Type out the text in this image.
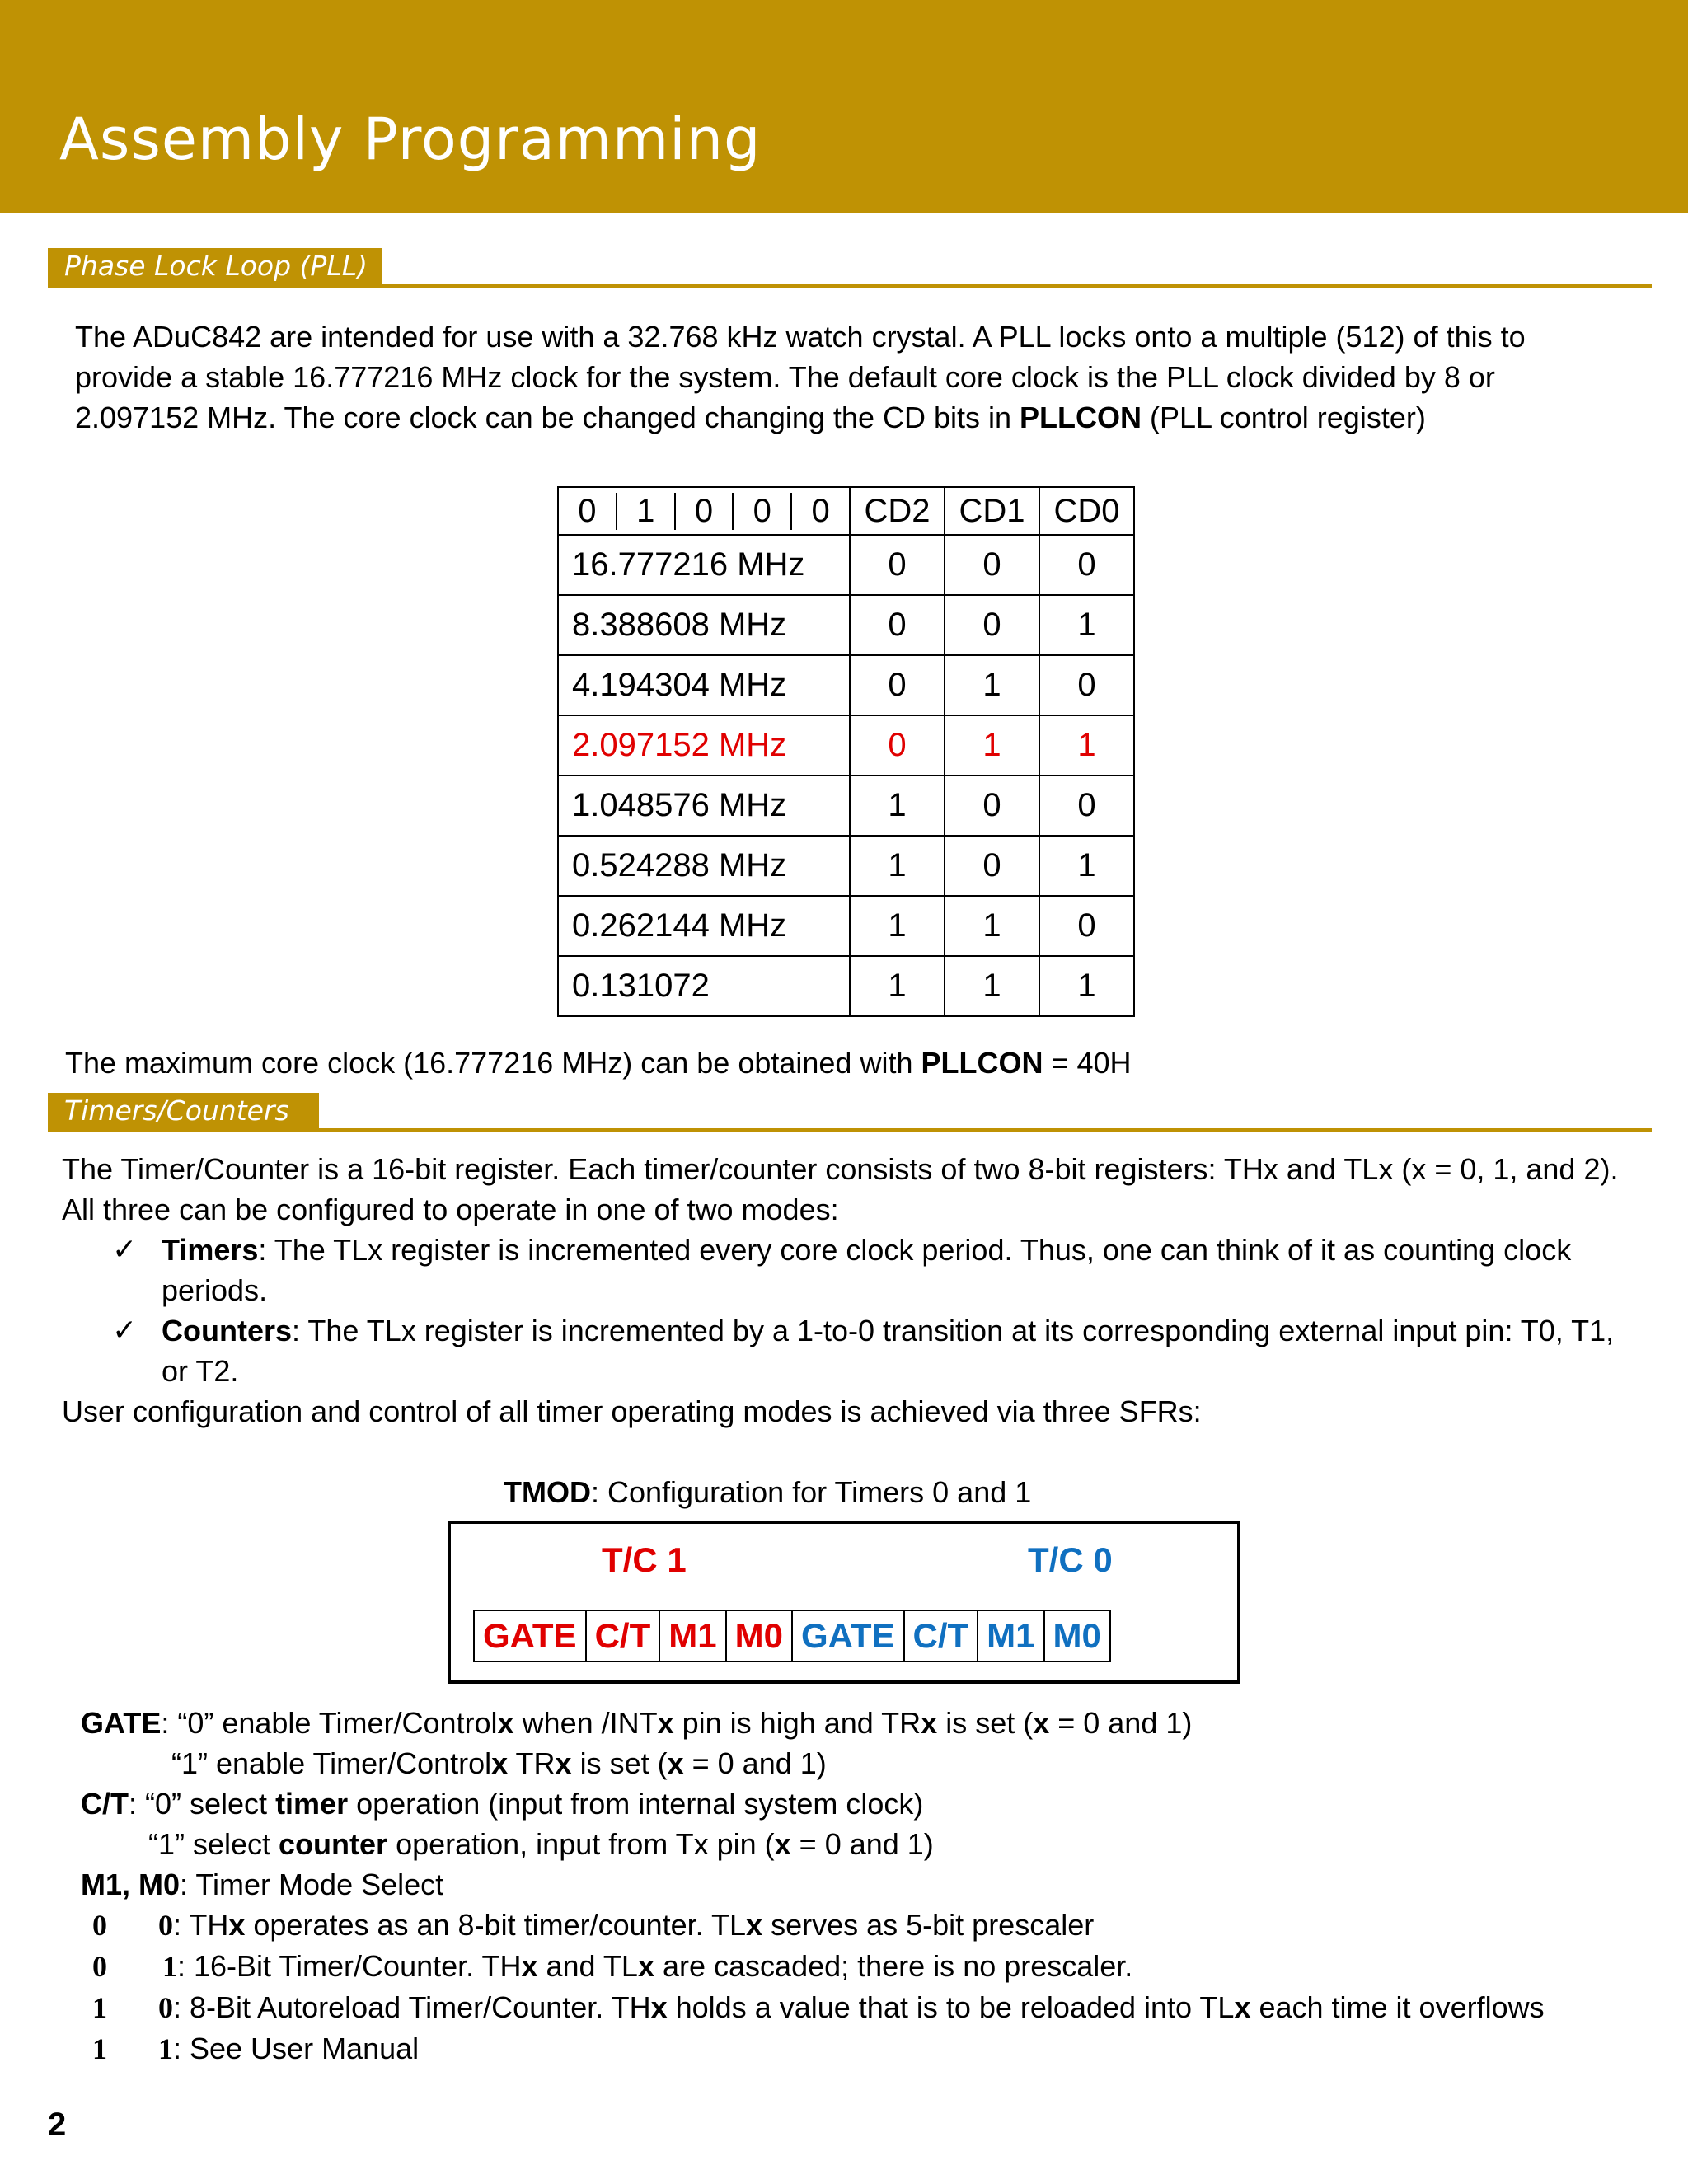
Assembly Programming
Phase Lock Loop (PLL)

The ADuC842 are intended for use with a 32.768 kHz watch crystal. A PLL locks onto a multiple (512) of this to
provide a stable 16.777216 MHz clock for the system. The default core clock is the PLL clock divided by 8 or
2.097152 MHz. The core clock can be changed changing the CD bits in PLLCON (PLL control register)

0 1 0 0 0	CD2	CD1	CD0
16.777216 MHz	0	0	0
8.388608 MHz	0	0	1
4.194304 MHz	0	1	0
2.097152 MHz	0	1	1
1.048576 MHz	1	0	0
0.524288 MHz	1	0	1
0.262144 MHz	1	1	0
0.131072	1	1	1

The maximum core clock (16.777216 MHz) can be obtained with PLLCON = 40H

Timers/Counters

The Timer/Counter is a 16-bit register. Each timer/counter consists of two 8-bit registers: THx and TLx (x = 0, 1, and 2).
All three can be configured to operate in one of two modes:

✓ Timers: The TLx register is incremented every core clock period. Thus, one can think of it as counting clock
periods.
✓ Counters: The TLx register is incremented by a 1-to-0 transition at its corresponding external input pin: T0, T1,
or T2.

User configuration and control of all timer operating modes is achieved via three SFRs:

TMOD: Configuration for Timers 0 and 1

T/C 1	T/C 0
GATE C/T M1 M0 GATE C/T M1 M0

GATE: “0” enable Timer/Controlx when /INTx pin is high and TRx is set (x = 0 and 1)
“1” enable Timer/Controlx TRx is set (x = 0 and 1)

C/T: “0” select timer operation (input from internal system clock)
“1” select counter operation, input from Tx pin (x = 0 and 1)

M1, M0: Timer Mode Select

0 0: THx operates as an 8-bit timer/counter. TLx serves as 5-bit prescaler
0 1: 16-Bit Timer/Counter. THx and TLx are cascaded; there is no prescaler.
1 0: 8-Bit Autoreload Timer/Counter. THx holds a value that is to be reloaded into TLx each time it overflows
1 1: See User Manual
2
